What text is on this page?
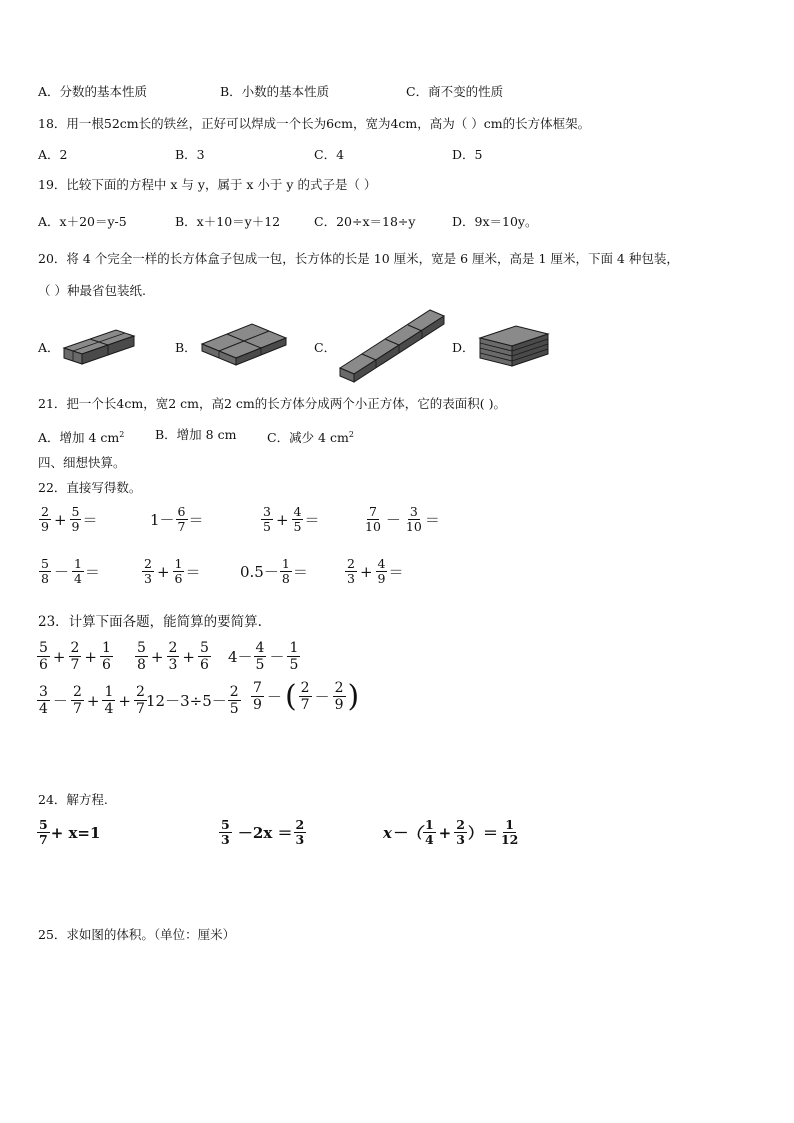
A．分数的基本性质	B．小数的基本性质	C．商不变的性质
18．用一根52cm长的铁丝，正好可以焊成一个长为6cm，宽为4cm，高为（ ）cm的长方体框架。
A．2	B．3	C．4	D．5
19．比较下面的方程中 x 与 y，属于 x 小于 y 的式子是（ ）
A．x＋20＝y-5	B．x＋10＝y＋12	C．20÷x＝18÷y	D．9x＝10y。
20．将 4 个完全一样的长方体盒子包成一包，长方体的长是 10 厘米，宽是 6 厘米，高是 1 厘米，下面 4 种包装，
（ ）种最省包装纸.
A．	B．	C．	D．
21．把一个长4cm，宽2 cm，高2 cm的长方体分成两个小正方体，它的表面积( )。
A．增加 4 $cm^2$ B．增加 8 cm C．减少 4 $cm^2$
四、细想快算。
22．直接写得数。
$\frac{2}{9} + \frac{5}{9}$ ＝	$1- \frac{6}{7}$ ＝	$\frac{3}{5} + \frac{4}{5}$ ＝	$\frac{7}{10} - \frac{3}{10}$ ＝
$\frac{5}{8} - \frac{1}{4}$ ＝	$\frac{2}{3} + \frac{1}{6}$ ＝	$0.5- \frac{1}{8}$ ＝	$\frac{2}{3} + \frac{4}{9}$ ＝
23．计算下面各题，能简算的要简算.
$\frac{5}{6} + \frac{2}{7} + \frac{1}{6} \frac{5}{8} + \frac{2}{3} + \frac{5}{6} 4- \frac{4}{5} - \frac{1}{5}$
$\frac{3}{4} - \frac{2}{7} + \frac{1}{4} + \frac{2}{7} 12-3\div 5- \frac{2}{5} \frac{7}{9}$ － ( $\frac{2}{7} - \frac{2}{9}$ )
24．解方程.
$\frac{5}{7} + x=1$	$\frac{5}{3} -2x = \frac{2}{3}$	$x-( \frac{1}{4} + \frac{2}{3}$ ）＝ $\frac{1}{12}$
25．求如图的体积。（单位：厘米）
